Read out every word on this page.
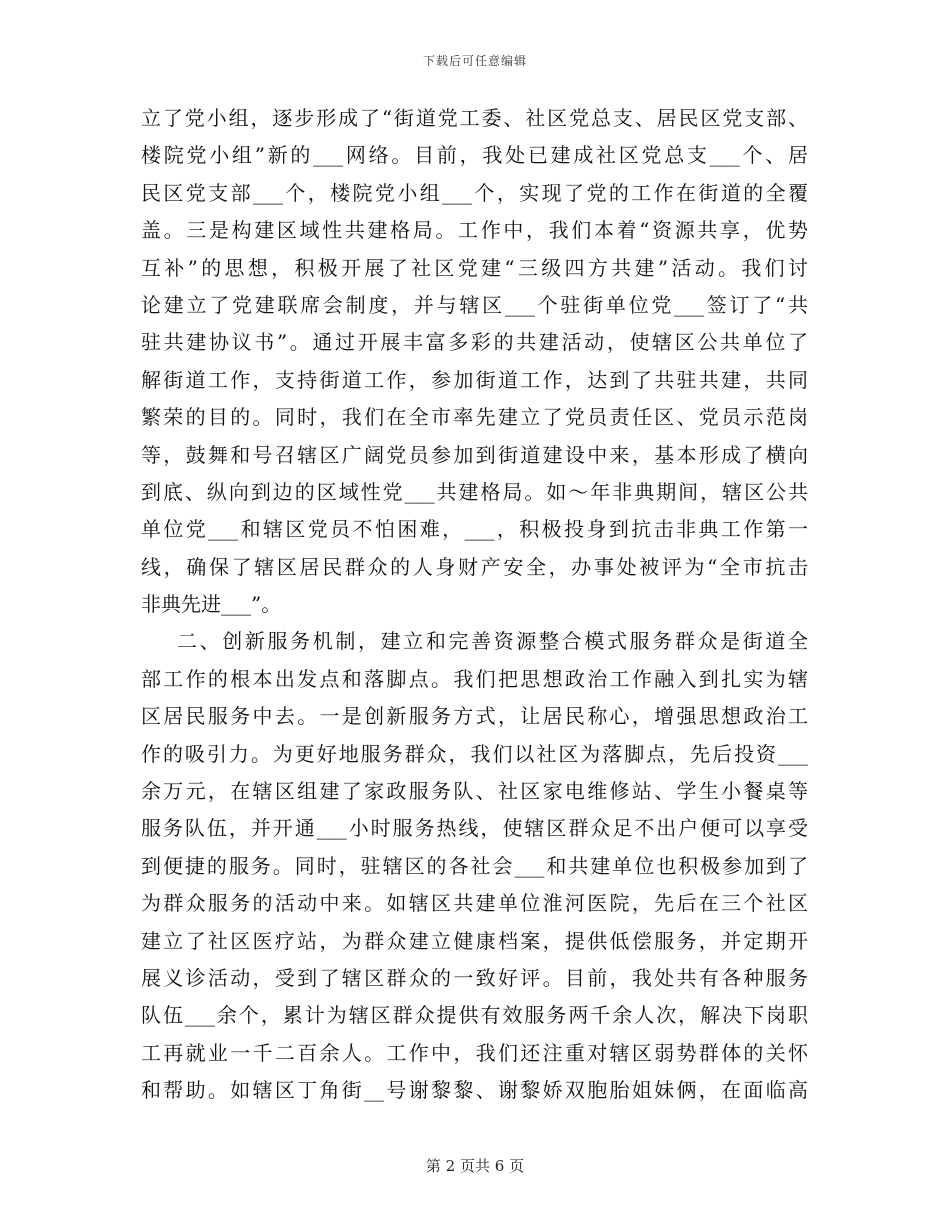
下载后可任意编辑
立了党小组，逐步形成了“街道党工委、社区党总支、居民区党支部、
楼院党小组”新的___网络。目前，我处已建成社区党总支___个、居
民区党支部___个，楼院党小组___个，实现了党的工作在街道的全覆
盖。三是构建区域性共建格局。工作中，我们本着“资源共享，优势
互补”的思想，积极开展了社区党建“三级四方共建”活动。我们讨
论建立了党建联席会制度，并与辖区___个驻街单位党___签订了“共
驻共建协议书”。通过开展丰富多彩的共建活动，使辖区公共单位了
解街道工作，支持街道工作，参加街道工作，达到了共驻共建，共同
繁荣的目的。同时，我们在全市率先建立了党员责任区、党员示范岗
等，鼓舞和号召辖区广阔党员参加到街道建设中来，基本形成了横向
到底、纵向到边的区域性党___共建格局。如～年非典期间，辖区公共
单位党___和辖区党员不怕困难，___，积极投身到抗击非典工作第一
线，确保了辖区居民群众的人身财产安全，办事处被评为“全市抗击
非典先进___”。
二、创新服务机制，建立和完善资源整合模式服务群众是街道全
部工作的根本出发点和落脚点。我们把思想政治工作融入到扎实为辖
区居民服务中去。一是创新服务方式，让居民称心，增强思想政治工
作的吸引力。为更好地服务群众，我们以社区为落脚点，先后投资___
余万元，在辖区组建了家政服务队、社区家电维修站、学生小餐桌等
服务队伍，并开通___小时服务热线，使辖区群众足不出户便可以享受
到便捷的服务。同时，驻辖区的各社会___和共建单位也积极参加到了
为群众服务的活动中来。如辖区共建单位淮河医院，先后在三个社区
建立了社区医疗站，为群众建立健康档案，提供低偿服务，并定期开
展义诊活动，受到了辖区群众的一致好评。目前，我处共有各种服务
队伍___余个，累计为辖区群众提供有效服务两千余人次，解决下岗职
工再就业一千二百余人。工作中，我们还注重对辖区弱势群体的关怀
和帮助。如辖区丁角街__号谢黎黎、谢黎娇双胞胎姐妹俩，在面临高
第 2 页共 6 页
